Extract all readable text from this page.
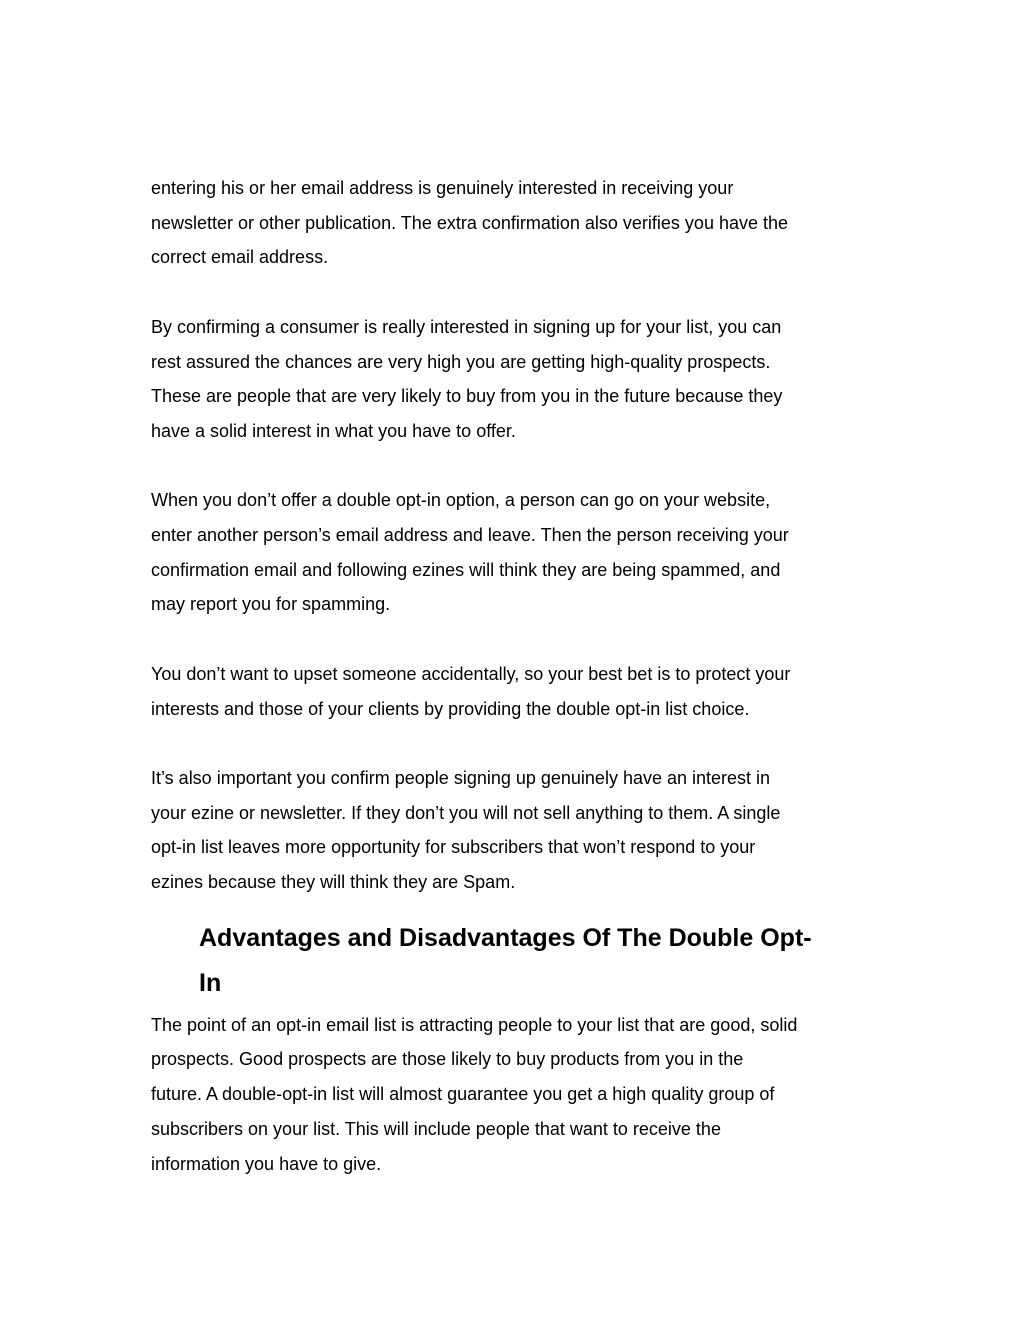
entering his or her email address is genuinely interested in receiving your
newsletter or other publication. The extra confirmation also verifies you have the
correct email address.

By confirming a consumer is really interested in signing up for your list, you can
rest assured the chances are very high you are getting high-quality prospects.
These are people that are very likely to buy from you in the future because they
have a solid interest in what you have to offer.

When you don’t offer a double opt-in option, a person can go on your website,
enter another person’s email address and leave. Then the person receiving your
confirmation email and following ezines will think they are being spammed, and
may report you for spamming.

You don’t want to upset someone accidentally, so your best bet is to protect your
interests and those of your clients by providing the double opt-in list choice.

It’s also important you confirm people signing up genuinely have an interest in
your ezine or newsletter. If they don’t you will not sell anything to them. A single
opt-in list leaves more opportunity for subscribers that won’t respond to your
ezines because they will think they are Spam.

Advantages and Disadvantages Of The Double Opt-
In

The point of an opt-in email list is attracting people to your list that are good, solid
prospects. Good prospects are those likely to buy products from you in the
future. A double-opt-in list will almost guarantee you get a high quality group of
subscribers on your list. This will include people that want to receive the
information you have to give.
